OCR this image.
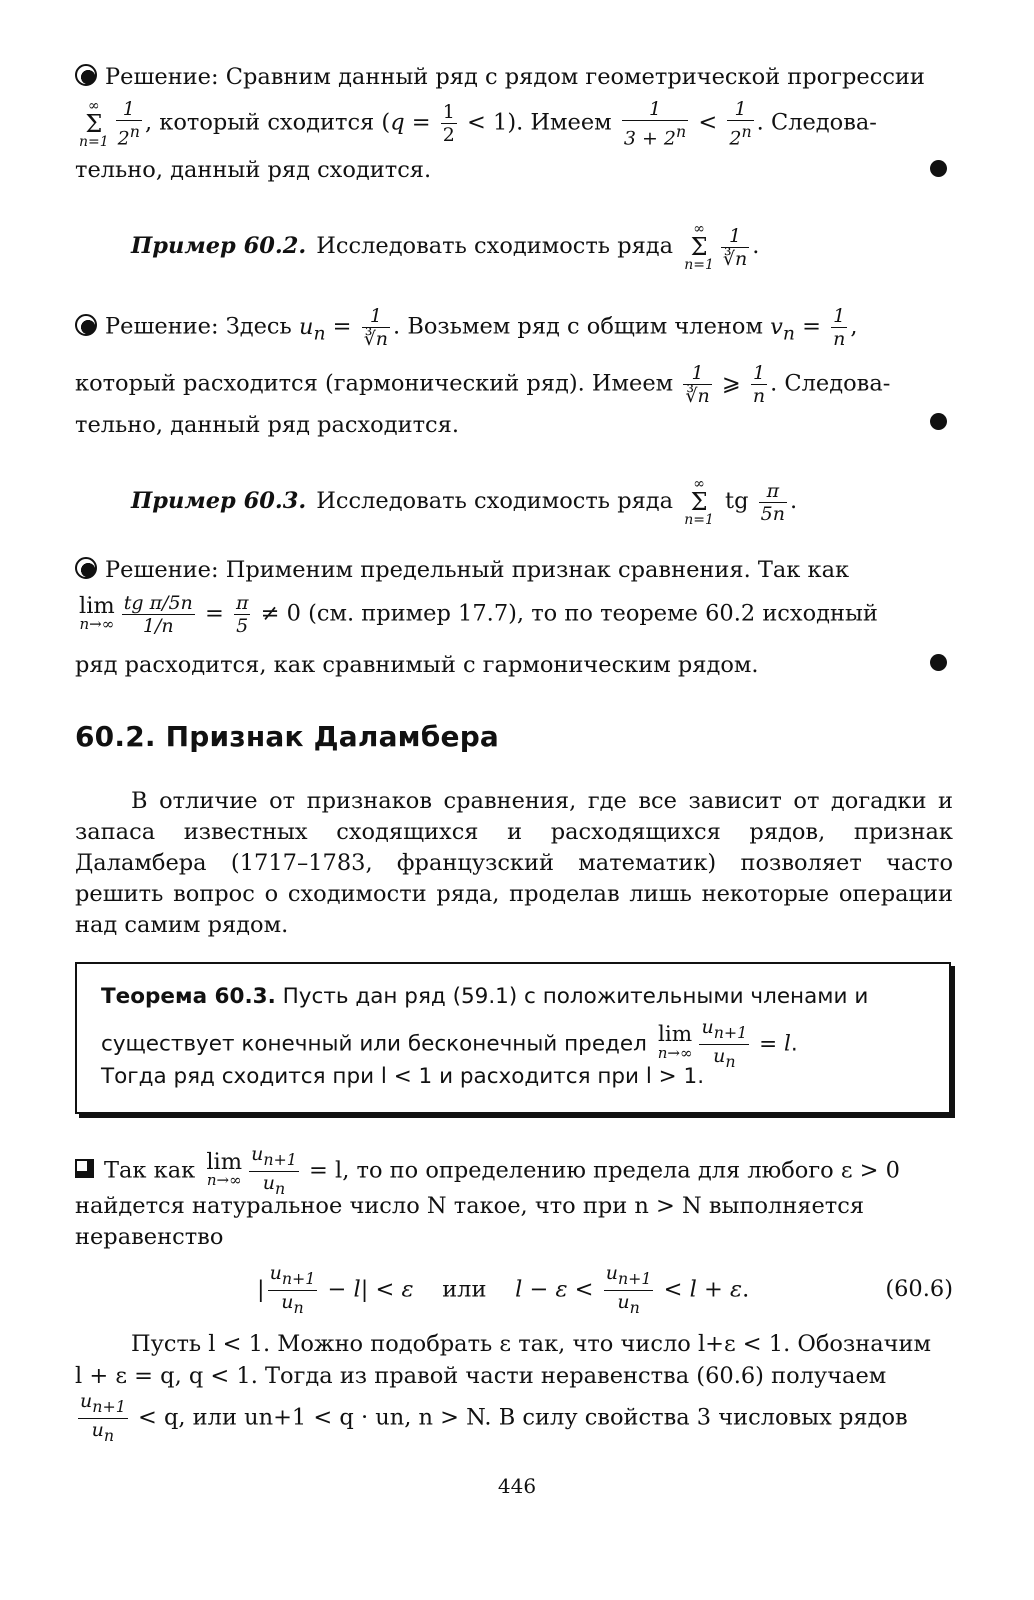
Решение: Сравним данный ряд с рядом геометрической прогрессии
∞
Σ
$n=1 \frac{1}{2^n}$ , который сходится $(q = \frac{1}{2} < 1)$. Имеем $\frac{1}{3 + 2^n} < \frac{1}{2^n}$ . Следова-
тельно, данный ряд сходится.
Пример 60.2. Исследовать сходимость ряда
∞
Σ
$n=1 \frac{1}{∛n}$ .
Решение: Здесь $u_n = \frac{1}{∛n}$ . Возьмем ряд с общим членом $v_n = \frac{1}{n}$ ,
который расходится (гармонический ряд). Имеем $\frac{1}{∛n}$ ⩾ $\frac{1}{n}$ . Следова-
тельно, данный ряд расходится.
Пример 60.3. Исследовать сходимость ряда
∞
Σ
n=1
tg $\frac{\pi}{5n}$ .
Решение: Применим предельный признак сравнения. Так как
lim
$n\to\infty \frac{\text{tg π/5n}}{1/n} = \frac{\pi}{5} \ne 0$ (см. пример 17.7), то по теореме 60.2 исходный
ряд расходится, как сравнимый с гармоническим рядом.
60.2. Признак Даламбера
В отличие от признаков сравнения, где все зависит от догадки и запаса известных сходящихся и расходящихся рядов, признак Даламбера (1717–1783, французский математик) позволяет часто решить вопрос о сходимости ряда, проделав лишь некоторые операции над самим рядом.
Теорема 60.3. Пусть дан ряд (59.1) с положительными членами и
существует конечный или бесконечный предел lim
$n\to\infty \frac{u_{n+1}}{u_n} = l$.
Тогда ряд сходится при l < 1 и расходится при l > 1.
Так как lim
$n\to\infty \frac{u_{n+1}}{u_n} = l$, то по определению предела для любого ε > 0
найдется натуральное число N такое, что при n > N выполняется
неравенство
| $\frac{u_{n+1}}{u_n} - l| < \varepsilon$ или $l - \varepsilon < \frac{u_{n+1}}{u_n} < l + \varepsilon$.	(60.6)
Пусть l < 1. Можно подобрать ε так, что число l+ε < 1. Обозначим
l + ε = q, q < 1. Тогда из правой части неравенства (60.6) получаем
$\frac{u_{n+1}}{u_n} < q$, или un+1 < q · un, n > N. В силу свойства 3 числовых рядов
446
